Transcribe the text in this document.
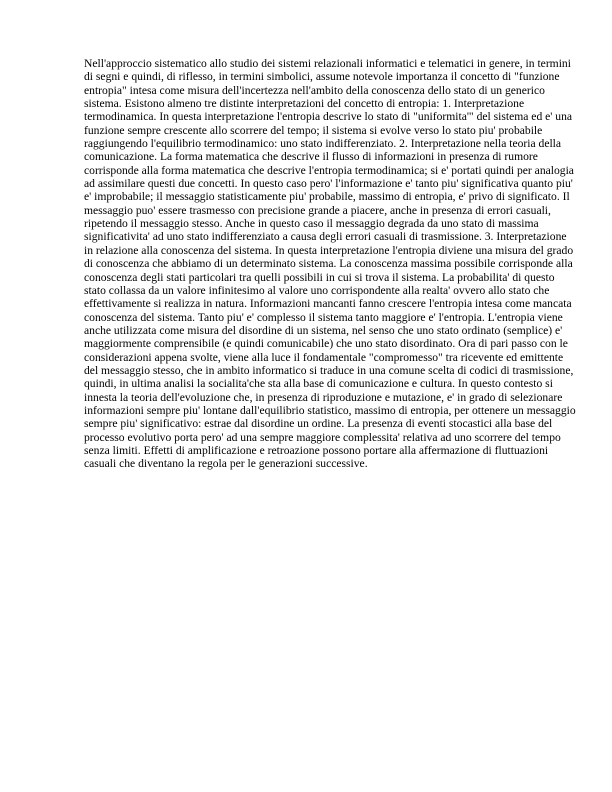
Nell'approccio sistematico allo studio dei sistemi relazionali informatici e telematici in genere, in termini di segni e quindi, di riflesso, in termini simbolici, assume notevole importanza il concetto di "funzione entropia" intesa come misura dell'incertezza nell'ambito della conoscenza dello stato di un generico sistema. Esistono almeno tre distinte interpretazioni del concetto di entropia: 1. Interpretazione termodinamica. In questa interpretazione l'entropia descrive lo stato di "uniformita'" del sistema ed e' una funzione sempre crescente allo scorrere del tempo; il sistema si evolve verso lo stato piu' probabile raggiungendo l'equilibrio termodinamico: uno stato indifferenziato. 2. Interpretazione nella teoria della comunicazione. La forma matematica che descrive il flusso di informazioni in presenza di rumore corrisponde alla forma matematica che descrive l'entropia termodinamica; si e' portati quindi per analogia ad assimilare questi due concetti. In questo caso pero' l'informazione e' tanto piu' significativa quanto piu' e' improbabile; il messaggio statisticamente piu' probabile, massimo di entropia, e' privo di significato. Il messaggio puo' essere trasmesso con precisione grande a piacere, anche in presenza di errori casuali, ripetendo il messaggio stesso. Anche in questo caso il messaggio degrada da uno stato di massima significativita' ad uno stato indifferenziato a causa degli errori casuali di trasmissione. 3. Interpretazione in relazione alla conoscenza del sistema. In questa interpretazione l'entropia diviene una misura del grado di conoscenza che abbiamo di un determinato sistema. La conoscenza massima possibile corrisponde alla conoscenza degli stati particolari tra quelli possibili in cui si trova il sistema. La probabilita' di questo stato collassa da un valore infinitesimo al valore uno corrispondente alla realta' ovvero allo stato che effettivamente si realizza in natura. Informazioni mancanti fanno crescere l'entropia intesa come mancata conoscenza del sistema. Tanto piu' e' complesso il sistema tanto maggiore e' l'entropia. L'entropia viene anche utilizzata come misura del disordine di un sistema, nel senso che uno stato ordinato (semplice) e' maggiormente comprensibile (e quindi comunicabile) che uno stato disordinato. Ora di pari passo con le considerazioni appena svolte, viene alla luce il fondamentale "compromesso" tra ricevente ed emittente del messaggio stesso, che in ambito informatico si traduce in una comune scelta di codici di trasmissione, quindi, in ultima analisi la socialita'che sta alla base di comunicazione e cultura. In questo contesto si innesta la teoria dell'evoluzione che, in presenza di riproduzione e mutazione, e' in grado di selezionare informazioni sempre piu' lontane dall'equilibrio statistico, massimo di entropia, per ottenere un messaggio sempre piu' significativo: estrae dal disordine un ordine. La presenza di eventi stocastici alla base del processo evolutivo porta pero' ad una sempre maggiore complessita' relativa ad uno scorrere del tempo senza limiti. Effetti di amplificazione e retroazione possono portare alla affermazione di fluttuazioni casuali che diventano la regola per le generazioni successive.
